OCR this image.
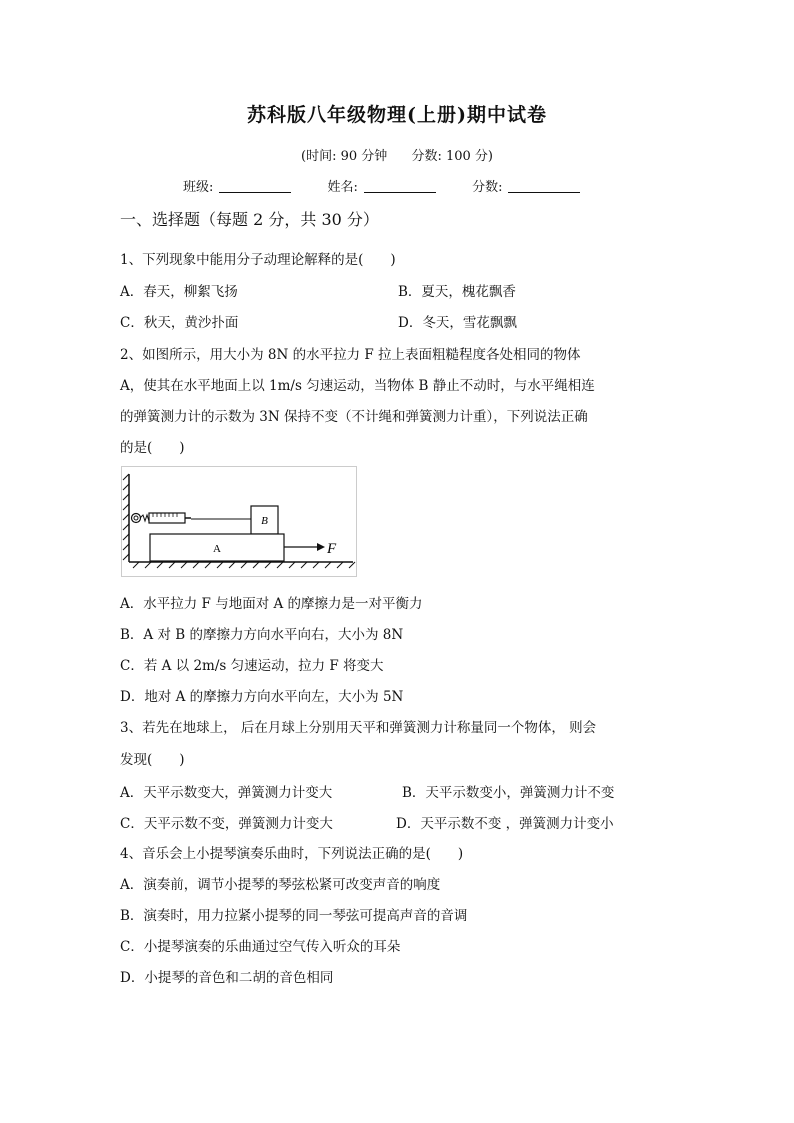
苏科版八年级物理(上册)期中试卷
(时间: 90 分钟 分数: 100 分)
班级:	姓名:	分数:
一、选择题（每题 2 分，共 30 分）
1、下列现象中能用分子动理论解释的是(　　)
A．春天，柳絮飞扬	B．夏天，槐花飘香
C．秋天，黄沙扑面	D．冬天，雪花飘飘
2、如图所示，用大小为 8N 的水平拉力 F 拉上表面粗糙程度各处相同的物体
A，使其在水平地面上以 1m/s 匀速运动，当物体 B 静止不动时，与水平绳相连
的弹簧测力计的示数为 3N 保持不变（不计绳和弹簧测力计重），下列说法正确
的是(　　)
B
A	F
A．水平拉力 F 与地面对 A 的摩擦力是一对平衡力
B．A 对 B 的摩擦力方向水平向右，大小为 8N
C．若 A 以 2m/s 匀速运动，拉力 F 将变大
D．地对 A 的摩擦力方向水平向左，大小为 5N
3、若先在地球上， 后在月球上分别用天平和弹簧测力计称量同一个物体， 则会
发现(　　)
A．天平示数变大，弹簧测力计变大	B．天平示数变小，弹簧测力计不变
C．天平示数不变，弹簧测力计变大	D．天平示数不变 ，弹簧测力计变小
4、音乐会上小提琴演奏乐曲时，下列说法正确的是(　　)
A．演奏前，调节小提琴的琴弦松紧可改变声音的响度
B．演奏时，用力拉紧小提琴的同一琴弦可提高声音的音调
C．小提琴演奏的乐曲通过空气传入听众的耳朵
D．小提琴的音色和二胡的音色相同
